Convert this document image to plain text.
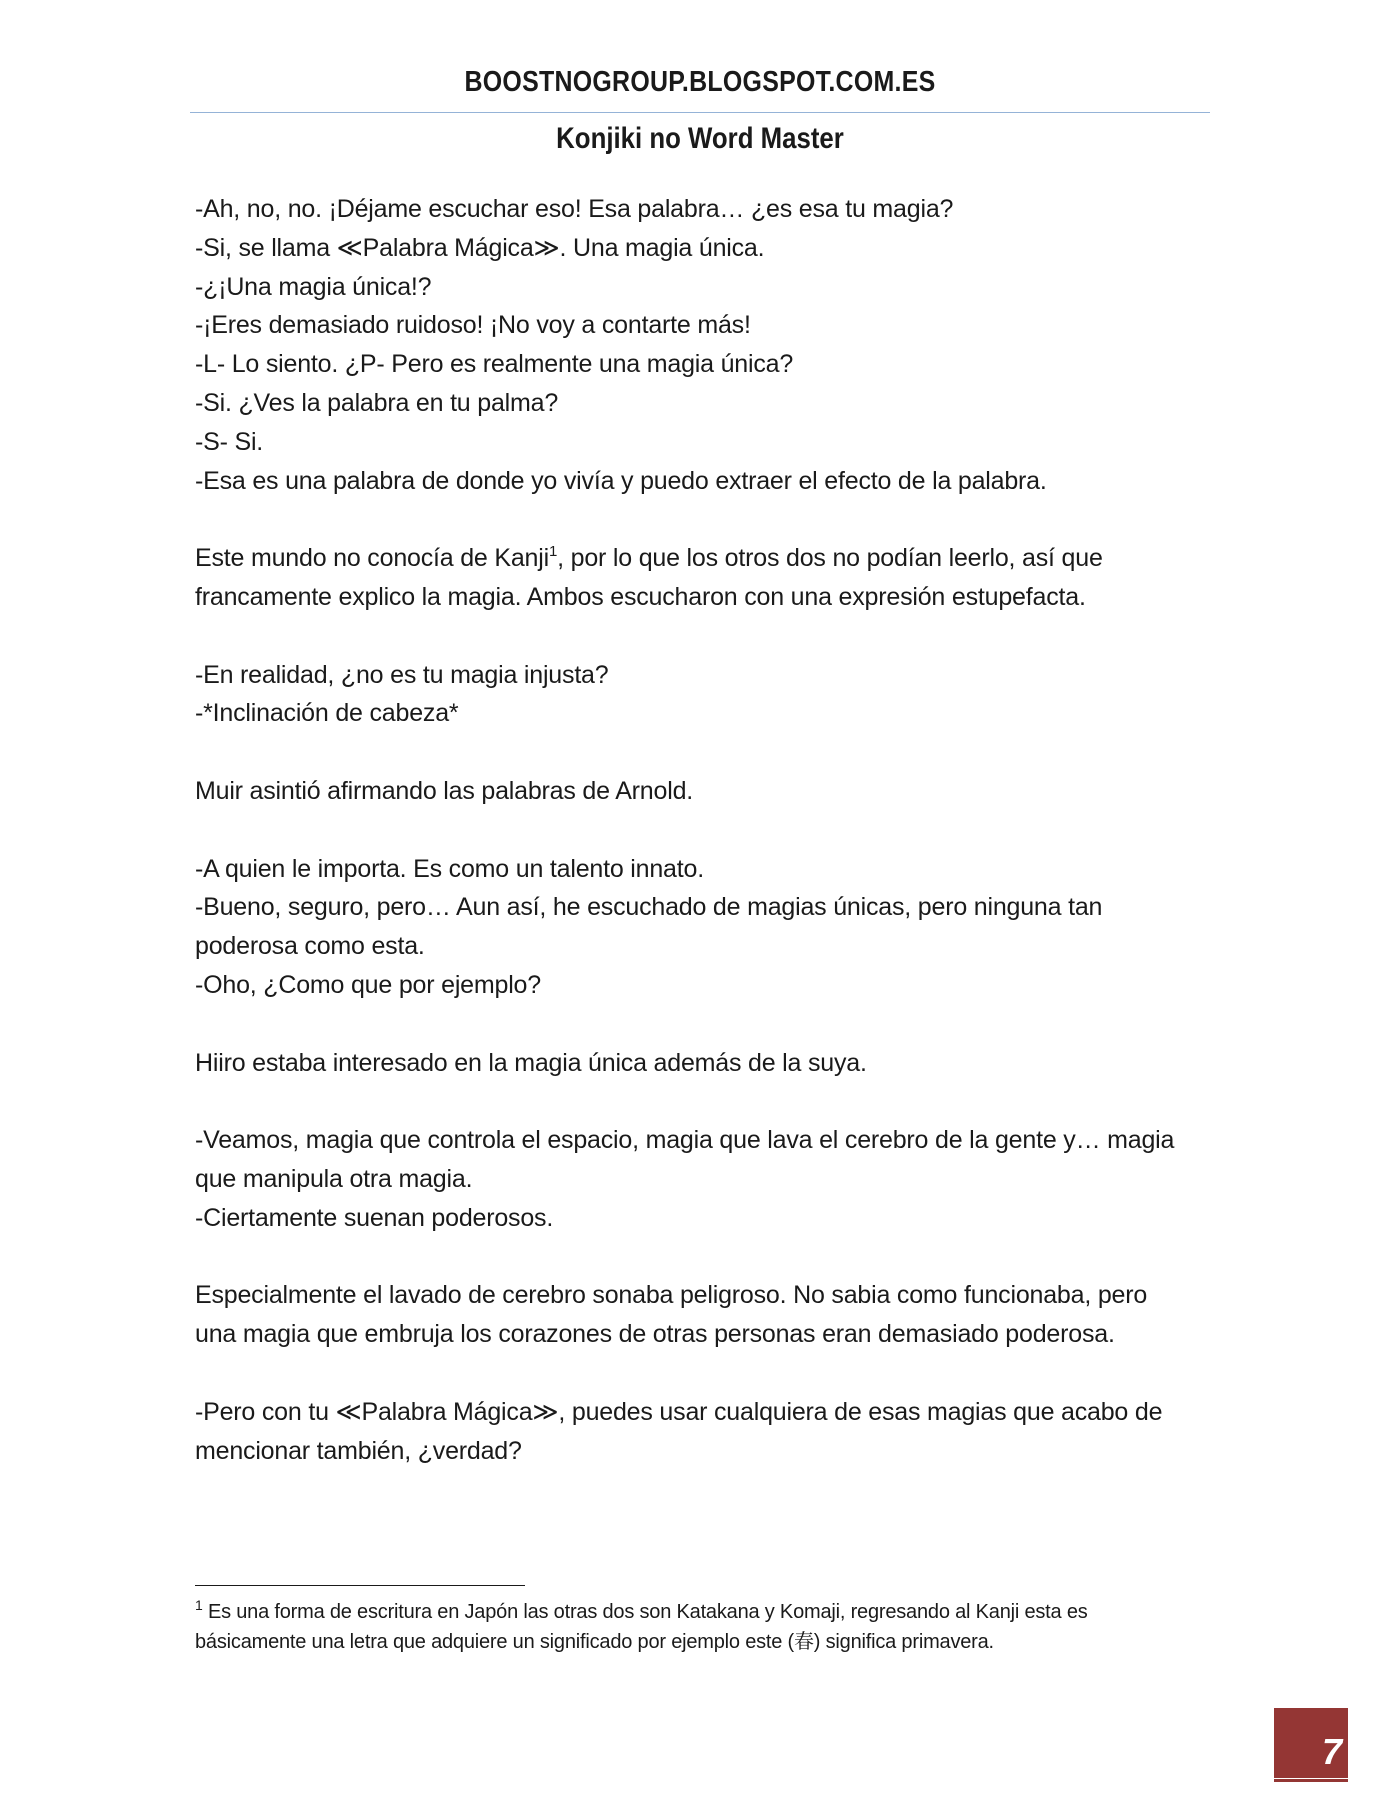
BOOSTNOGROUP.BLOGSPOT.COM.ES
Konjiki no Word Master

-Ah, no, no. ¡Déjame escuchar eso! Esa palabra… ¿es esa tu magia?

-Si, se llama ≪Palabra Mágica≫. Una magia única.

-¿¡Una magia única!?

-¡Eres demasiado ruidoso! ¡No voy a contarte más!

-L- Lo siento. ¿P- Pero es realmente una magia única?

-Si. ¿Ves la palabra en tu palma?

-S- Si.

-Esa es una palabra de donde yo vivía y puedo extraer el efecto de la palabra.

Este mundo no conocía de Kanji$^1$, por lo que los otros dos no podían leerlo, así que

francamente explico la magia. Ambos escucharon con una expresión estupefacta.

-En realidad, ¿no es tu magia injusta?

-*Inclinación de cabeza*

Muir asintió afirmando las palabras de Arnold.

-A quien le importa. Es como un talento innato.

-Bueno, seguro, pero… Aun así, he escuchado de magias únicas, pero ninguna tan

poderosa como esta.

-Oho, ¿Como que por ejemplo?

Hiiro estaba interesado en la magia única además de la suya.

-Veamos, magia que controla el espacio, magia que lava el cerebro de la gente y… magia

que manipula otra magia.

-Ciertamente suenan poderosos.

Especialmente el lavado de cerebro sonaba peligroso. No sabia como funcionaba, pero

una magia que embruja los corazones de otras personas eran demasiado poderosa.

-Pero con tu ≪Palabra Mágica≫, puedes usar cualquiera de esas magias que acabo de

mencionar también, ¿verdad?

$^1$ Es una forma de escritura en Japón las otras dos son Katakana y Komaji, regresando al Kanji esta es

básicamente una letra que adquiere un significado por ejemplo este (春) significa primavera.

7
